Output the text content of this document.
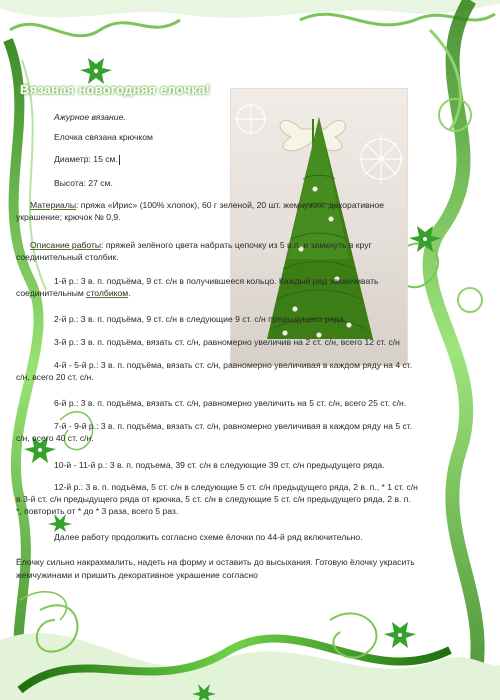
Вязаная новогодняя елочка!
Ажурное вязание.
Елочка связана крючком
Диаметр: 15 см.
Высота: 27 см.
Материалы: пряжа «Ирис» (100% хлопок), 60 г зеленой, 20 шт. жемчужин; декоративное
украшение; крючок № 0,9.
Описание работы: пряжей зелёного цвета набрать цепочку из 5 в.п. и замкнуть в круг
соединительный столбик.
1-й р.: 3 в. п. подъёма, 9 ст. с/н в получившееся кольцо. Каждый ряд заканчивать
соединительным столбиком.
2-й р.: 3 в. п. подъёма, 9 ст. с/н в следующие 9 ст. с/н предыдущего ряда.
3-й р.: 3 в. п. подъёма, вязать ст. с/н, равномерно увеличив на 2 ст. с/н, всего 12 ст. с/н
4-й - 5-й р.: 3 в. п. подъёма, вязать ст. с/н, равномерно увеличивая в каждом ряду на 4 ст.
с/н, всего 20 ст. с/н.
6-й р.: 3 в. п. подъёма, вязать ст. с/н, равномерно увеличить на 5 ст. с/н, всего 25 ст. с/н.
7-й - 9-й р.: 3 в. п. подъёма, вязать ст. с/н, равномерно увеличивая в каждом ряду на 5 ст.
с/н, всего 40 ст. с/н.
10-й - 11-й р.: 3 в. п. подъема, 39 ст. с/н в следующие 39 ст. с/н предыдущего ряда.
12-й р.: 3 в. п. подъёма, 5 ст. с/н в следующие 5 ст. с/н предыдущего ряда, 2 в. п., * 1 ст. с/н
в 3-й ст. с/н предыдущего ряда от крючка, 5 ст. с/н в следующие 5 ст. с/н предыдущего ряда, 2 в. п.
*, повторить от * до * 3 раза, всего 5 раз.
Далее работу продолжить согласно схеме ёлочки по 44-й ряд включительно.
Ёлочку сильно накрахмалить, надеть на форму и оставить до высыхания. Готовую ёлочку украсить
жемчужинами и пришить декоративное украшение согласно
